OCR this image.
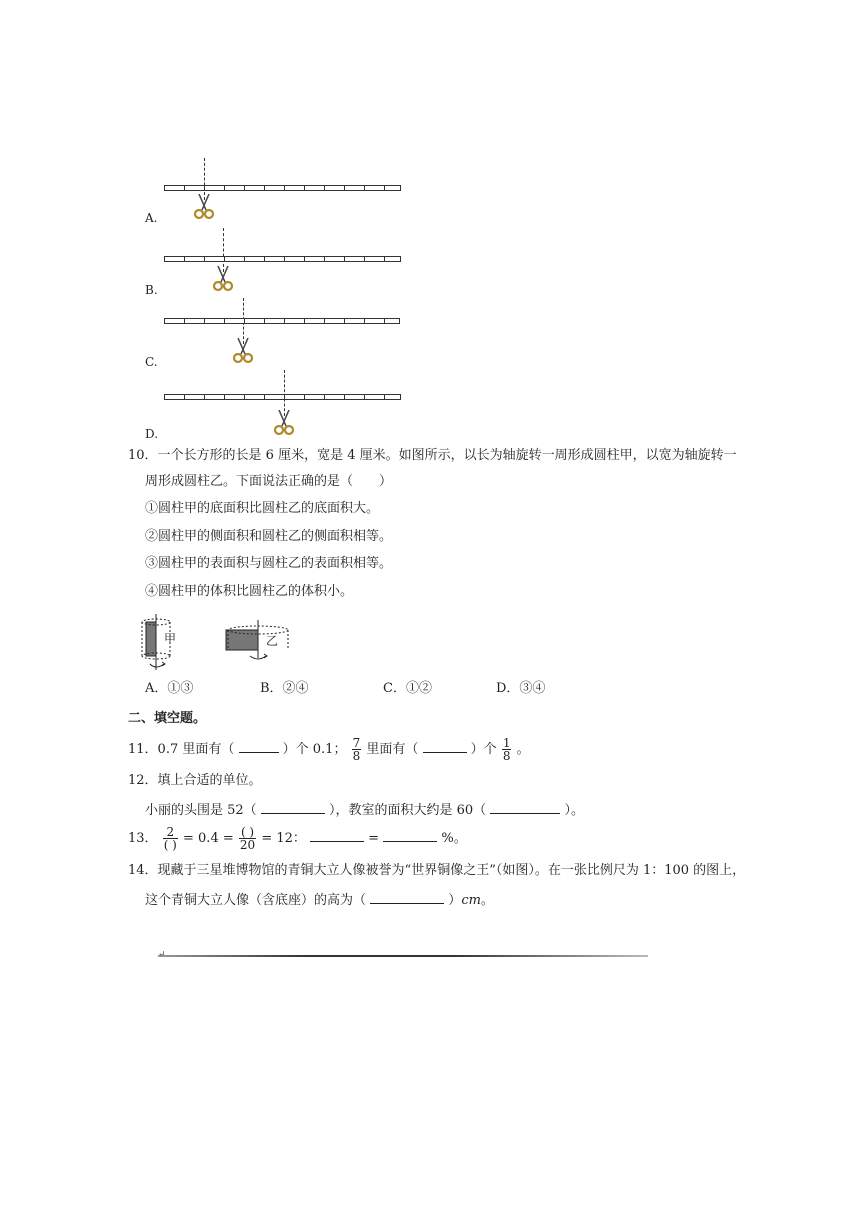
A.
B.
C.
D.
10．一个长方形的长是 6 厘米，宽是 4 厘米。如图所示，以长为轴旋转一周形成圆柱甲，以宽为轴旋转一
周形成圆柱乙。下面说法正确的是（　　）
①圆柱甲的底面积比圆柱乙的底面积大。
②圆柱甲的侧面积和圆柱乙的侧面积相等。
③圆柱甲的表面积与圆柱乙的表面积相等。
④圆柱甲的体积比圆柱乙的体积小。
甲	乙
A．①③	B．②④	C．①②	D．③④
二、填空题。
11．0.7 里面有（	）个 0.1； $\frac{7}{8}$ 里面有（	）个 $\frac{1}{8}$ 。
12．填上合适的单位。
小丽的头围是 52（	），教室的面积大约是 60（	）。
13． $\frac{2}{( )} = 0.4 = \frac{( )}{20} = 12$：	=	%。
14．现藏于三星堆博物馆的青铜大立人像被誉为“世界铜像之王”（如图）。在一张比例尺为 1：100 的图上，
这个青铜大立人像（含底座）的高为（	）cm。
↵
